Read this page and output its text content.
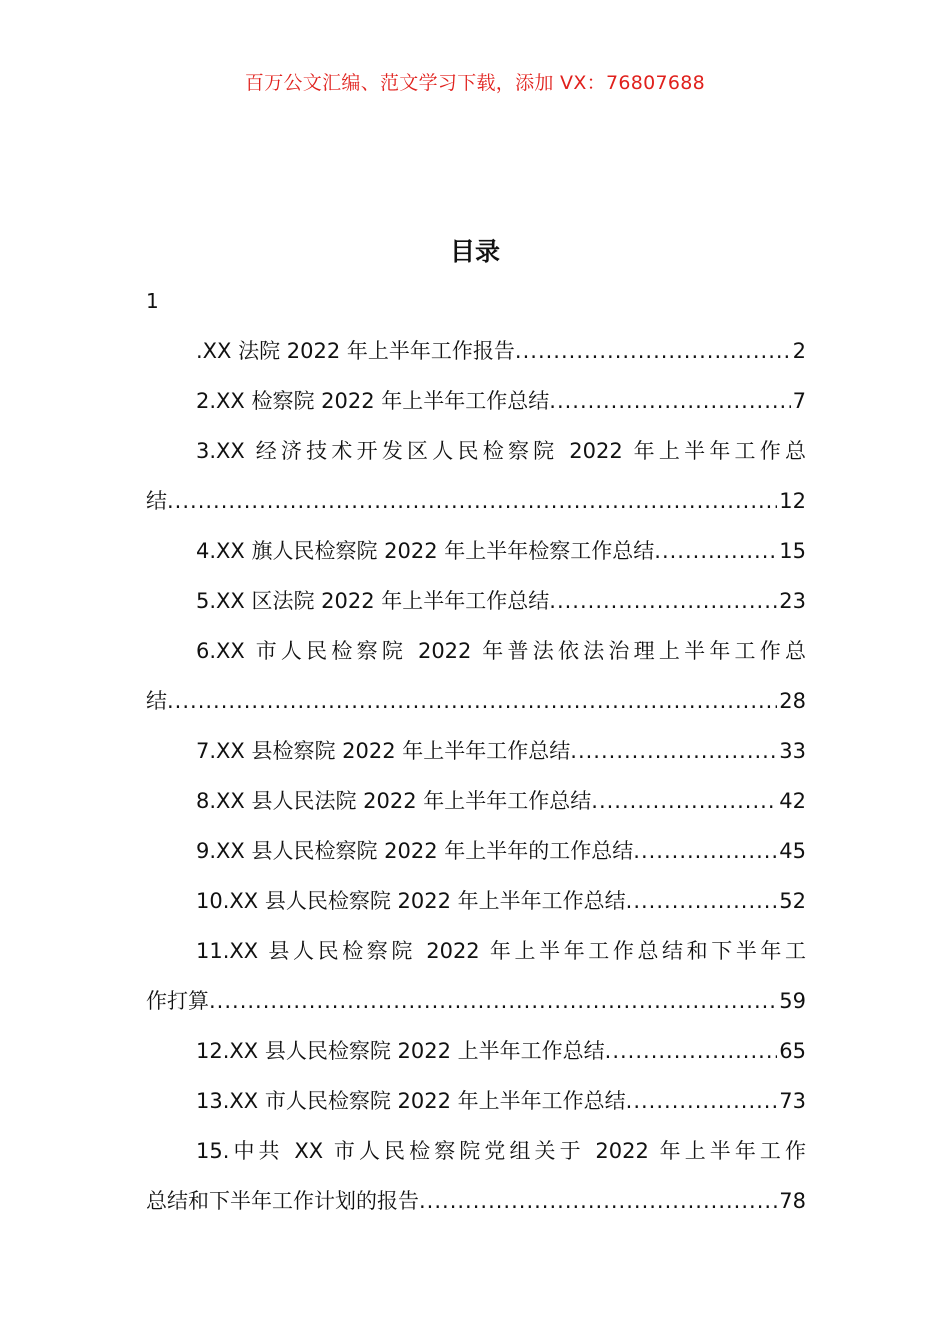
百万公文汇编、范文学习下载，添加 VX：76807688
目录
1
.XX 法院 2022 年上半年工作报告 .....	2
2.XX 检察院 2022 年上半年工作总结 .....	7
3.XX 经济技术开发区人民检察院 2022 年上半年工作总
结 .....	12
4.XX 旗人民检察院 2022 年上半年检察工作总结 .....	15
5.XX 区法院 2022 年上半年工作总结 .....	23
6.XX 市人民检察院 2022 年普法依法治理上半年工作总
结 .....	28
7.XX 县检察院 2022 年上半年工作总结 .....	33
8.XX 县人民法院 2022 年上半年工作总结 .....	42
9.XX 县人民检察院 2022 年上半年的工作总结 .....	45
10.XX 县人民检察院 2022 年上半年工作总结 .....	52
11.XX 县人民检察院 2022 年上半年工作总结和下半年工
作打算 .....	59
12.XX 县人民检察院 2022 上半年工作总结 .....	65
13.XX 市人民检察院 2022 年上半年工作总结 .....	73
15.中共 XX 市人民检察院党组关于 2022 年上半年工作
总结和下半年工作计划的报告 .....	78
